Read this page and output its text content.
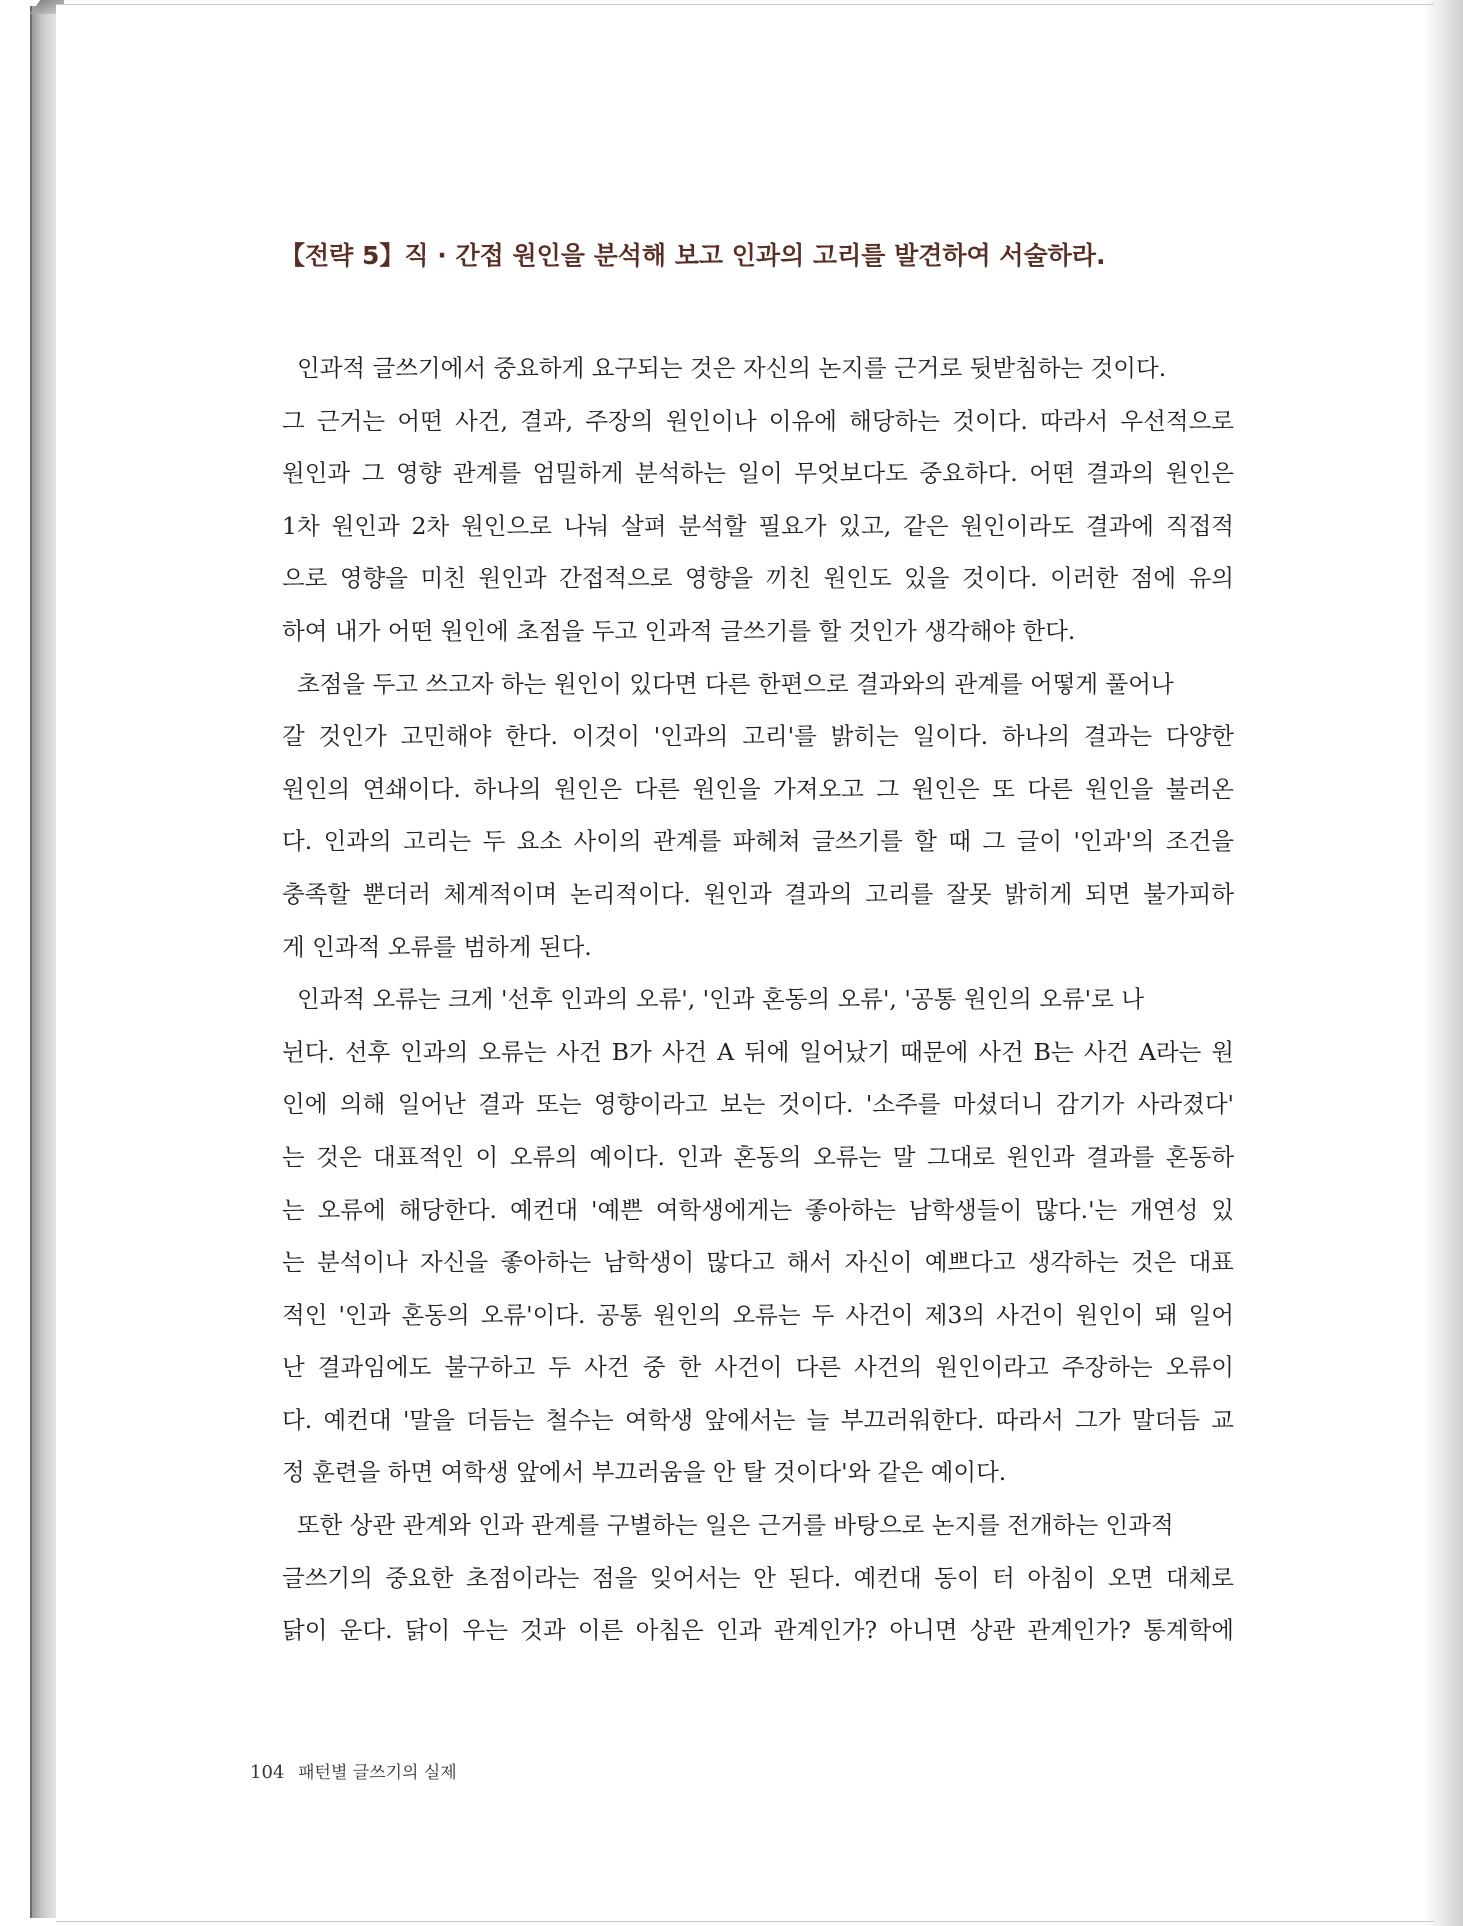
【전략 5】직 · 간접 원인을 분석해 보고 인과의 고리를 발견하여 서술하라.
인과적 글쓰기에서 중요하게 요구되는 것은 자신의 논지를 근거로 뒷받침하는 것이다.
그 근거는 어떤 사건, 결과, 주장의 원인이나 이유에 해당하는 것이다. 따라서 우선적으로
원인과 그 영향 관계를 엄밀하게 분석하는 일이 무엇보다도 중요하다. 어떤 결과의 원인은
1차 원인과 2차 원인으로 나눠 살펴 분석할 필요가 있고, 같은 원인이라도 결과에 직접적
으로 영향을 미친 원인과 간접적으로 영향을 끼친 원인도 있을 것이다. 이러한 점에 유의
하여 내가 어떤 원인에 초점을 두고 인과적 글쓰기를 할 것인가 생각해야 한다.
초점을 두고 쓰고자 하는 원인이 있다면 다른 한편으로 결과와의 관계를 어떻게 풀어나
갈 것인가 고민해야 한다. 이것이 '인과의 고리'를 밝히는 일이다. 하나의 결과는 다양한
원인의 연쇄이다. 하나의 원인은 다른 원인을 가져오고 그 원인은 또 다른 원인을 불러온
다. 인과의 고리는 두 요소 사이의 관계를 파헤쳐 글쓰기를 할 때 그 글이 '인과'의 조건을
충족할 뿐더러 체계적이며 논리적이다. 원인과 결과의 고리를 잘못 밝히게 되면 불가피하
게 인과적 오류를 범하게 된다.
인과적 오류는 크게 '선후 인과의 오류', '인과 혼동의 오류', '공통 원인의 오류'로 나
뉜다. 선후 인과의 오류는 사건 B가 사건 A 뒤에 일어났기 때문에 사건 B는 사건 A라는 원
인에 의해 일어난 결과 또는 영향이라고 보는 것이다. '소주를 마셨더니 감기가 사라졌다'
는 것은 대표적인 이 오류의 예이다. 인과 혼동의 오류는 말 그대로 원인과 결과를 혼동하
는 오류에 해당한다. 예컨대 '예쁜 여학생에게는 좋아하는 남학생들이 많다.'는 개연성 있
는 분석이나 자신을 좋아하는 남학생이 많다고 해서 자신이 예쁘다고 생각하는 것은 대표
적인 '인과 혼동의 오류'이다. 공통 원인의 오류는 두 사건이 제3의 사건이 원인이 돼 일어
난 결과임에도 불구하고 두 사건 중 한 사건이 다른 사건의 원인이라고 주장하는 오류이
다. 예컨대 '말을 더듬는 철수는 여학생 앞에서는 늘 부끄러워한다. 따라서 그가 말더듬 교
정 훈련을 하면 여학생 앞에서 부끄러움을 안 탈 것이다'와 같은 예이다.
또한 상관 관계와 인과 관계를 구별하는 일은 근거를 바탕으로 논지를 전개하는 인과적
글쓰기의 중요한 초점이라는 점을 잊어서는 안 된다. 예컨대 동이 터 아침이 오면 대체로
닭이 운다. 닭이 우는 것과 이른 아침은 인과 관계인가? 아니면 상관 관계인가? 통계학에
104 패턴별 글쓰기의 실제
